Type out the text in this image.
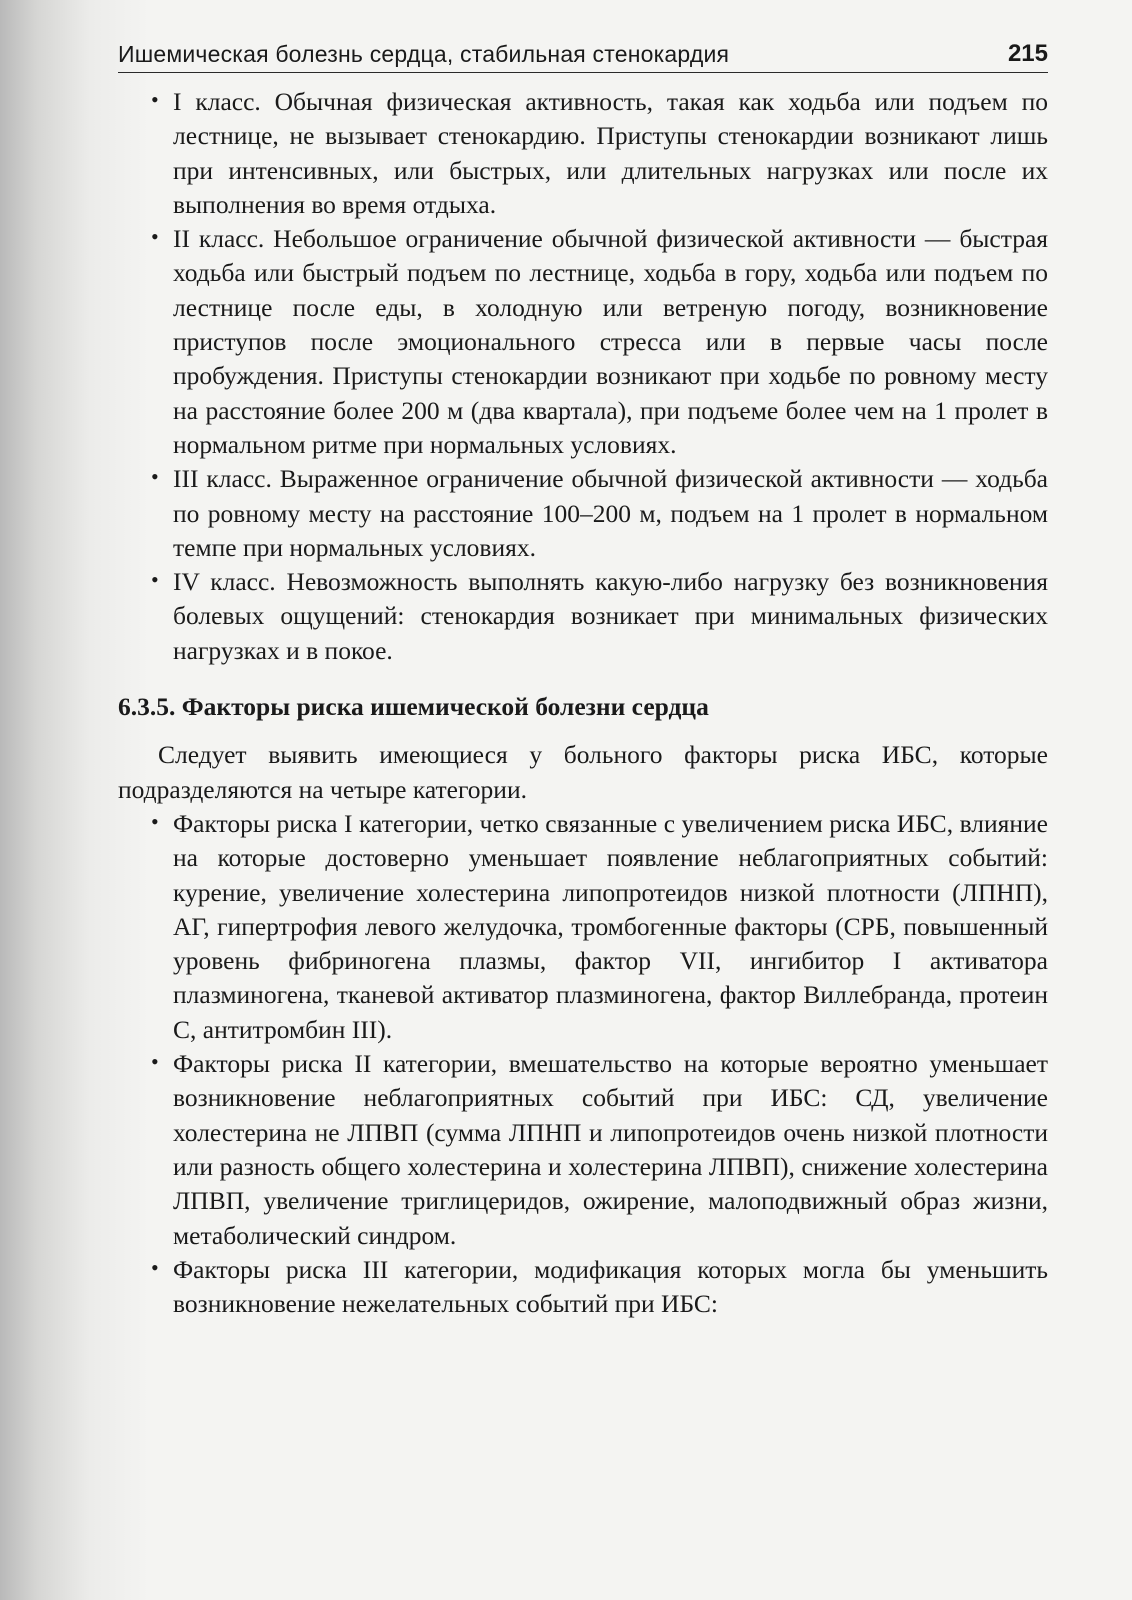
Ишемическая болезнь сердца, стабильная стенокардия	215
• I класс. Обычная физическая активность, такая как ходьба или подъем по лестнице, не вызывает стенокардию. Приступы стенокардии возникают лишь при интенсивных, или быстрых, или длительных нагрузках или после их выполнения во время отдыха.
• II класс. Небольшое ограничение обычной физической активности — быстрая ходьба или быстрый подъем по лестнице, ходьба в гору, ходьба или подъем по лестнице после еды, в холодную или ветреную погоду, возникновение приступов после эмоционального стресса или в первые часы после пробуждения. Приступы стенокардии возникают при ходьбе по ровному месту на расстояние более 200 м (два квартала), при подъеме более чем на 1 пролет в нормальном ритме при нормальных условиях.
• III класс. Выраженное ограничение обычной физической активности — ходьба по ровному месту на расстояние 100–200 м, подъем на 1 пролет в нормальном темпе при нормальных условиях.
• IV класс. Невозможность выполнять какую-либо нагрузку без возникновения болевых ощущений: стенокардия возникает при минимальных физических нагрузках и в покое.
6.3.5. Факторы риска ишемической болезни сердца

Следует выявить имеющиеся у больного факторы риска ИБС, которые подразделяются на четыре категории.

• Факторы риска I категории, четко связанные с увеличением риска ИБС, влияние на которые достоверно уменьшает появление неблагоприятных событий: курение, увеличение холестерина липопротеидов низкой плотности (ЛПНП), АГ, гипертрофия левого желудочка, тромбогенные факторы (СРБ, повышенный уровень фибриногена плазмы, фактор VII, ингибитор I активатора плазминогена, тканевой активатор плазминогена, фактор Виллебранда, протеин С, антитромбин III).
• Факторы риска II категории, вмешательство на которые вероятно уменьшает возникновение неблагоприятных событий при ИБС: СД, увеличение холестерина не ЛПВП (сумма ЛПНП и липопротеидов очень низкой плотности или разность общего холестерина и холестерина ЛПВП), снижение холестерина ЛПВП, увеличение триглицеридов, ожирение, малоподвижный образ жизни, метаболический синдром.
• Факторы риска III категории, модификация которых могла бы уменьшить возникновение нежелательных событий при ИБС:
